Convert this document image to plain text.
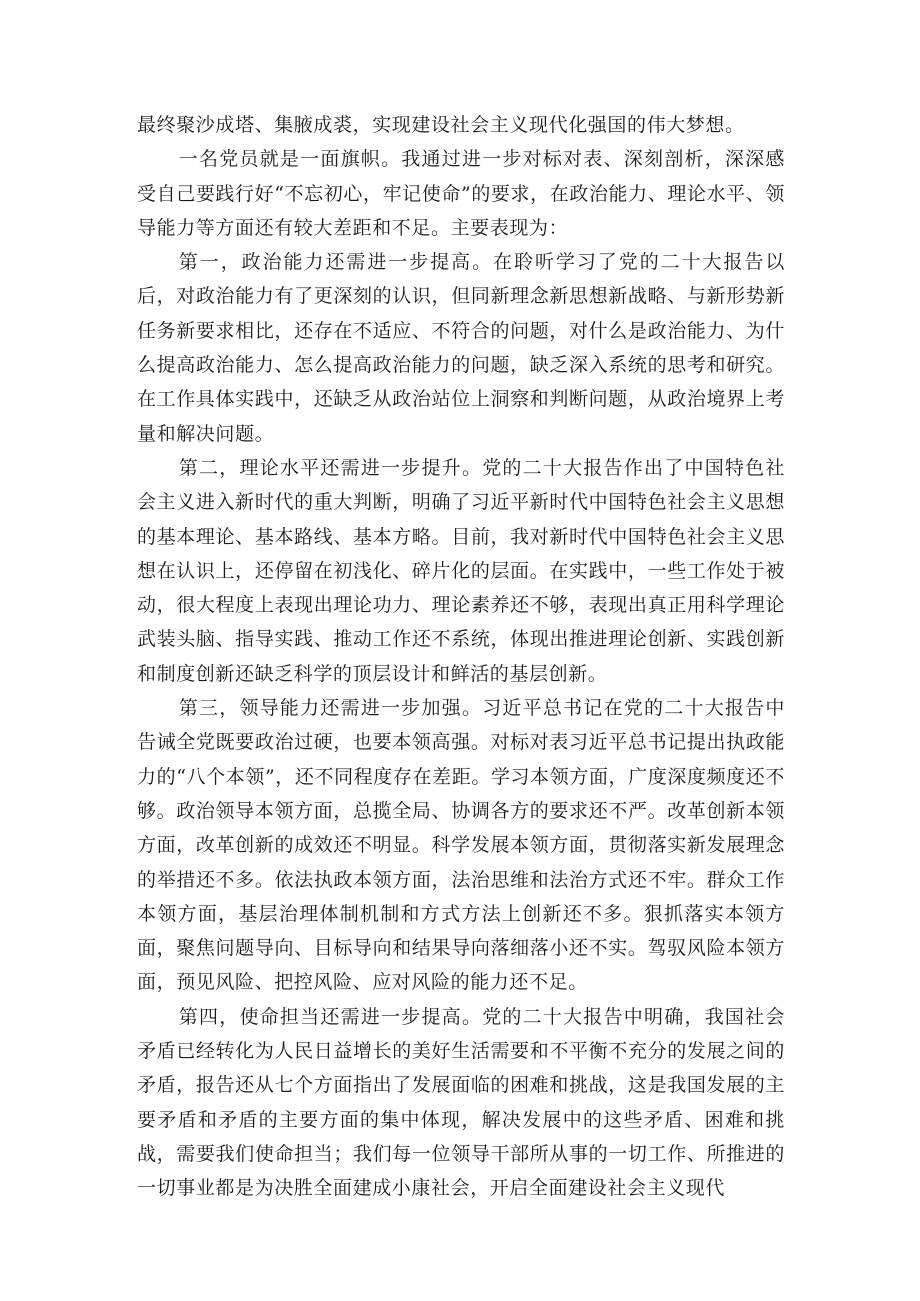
最终聚沙成塔、集腋成裘，实现建设社会主义现代化强国的伟大梦想。

一名党员就是一面旗帜。我通过进一步对标对表、深刻剖析，深深感受自己要践行好“不忘初心，牢记使命”的要求，在政治能力、理论水平、领导能力等方面还有较大差距和不足。主要表现为：

第一，政治能力还需进一步提高。在聆听学习了党的二十大报告以后，对政治能力有了更深刻的认识，但同新理念新思想新战略、与新形势新任务新要求相比，还存在不适应、不符合的问题，对什么是政治能力、为什么提高政治能力、怎么提高政治能力的问题，缺乏深入系统的思考和研究。在工作具体实践中，还缺乏从政治站位上洞察和判断问题，从政治境界上考量和解决问题。

第二，理论水平还需进一步提升。党的二十大报告作出了中国特色社会主义进入新时代的重大判断，明确了习近平新时代中国特色社会主义思想的基本理论、基本路线、基本方略。目前，我对新时代中国特色社会主义思想在认识上，还停留在初浅化、碎片化的层面。在实践中，一些工作处于被动，很大程度上表现出理论功力、理论素养还不够，表现出真正用科学理论武装头脑、指导实践、推动工作还不系统，体现出推进理论创新、实践创新和制度创新还缺乏科学的顶层设计和鲜活的基层创新。

第三，领导能力还需进一步加强。习近平总书记在党的二十大报告中告诫全党既要政治过硬，也要本领高强。对标对表习近平总书记提出执政能力的“八个本领”，还不同程度存在差距。学习本领方面，广度深度频度还不够。政治领导本领方面，总揽全局、协调各方的要求还不严。改革创新本领方面，改革创新的成效还不明显。科学发展本领方面，贯彻落实新发展理念的举措还不多。依法执政本领方面，法治思维和法治方式还不牢。群众工作本领方面，基层治理体制机制和方式方法上创新还不多。狠抓落实本领方面，聚焦问题导向、目标导向和结果导向落细落小还不实。驾驭风险本领方面，预见风险、把控风险、应对风险的能力还不足。

第四，使命担当还需进一步提高。党的二十大报告中明确，我国社会矛盾已经转化为人民日益增长的美好生活需要和不平衡不充分的发展之间的矛盾，报告还从七个方面指出了发展面临的困难和挑战，这是我国发展的主要矛盾和矛盾的主要方面的集中体现，解决发展中的这些矛盾、困难和挑战，需要我们使命担当；我们每一位领导干部所从事的一切工作、所推进的一切事业都是为决胜全面建成小康社会，开启全面建设社会主义现代
